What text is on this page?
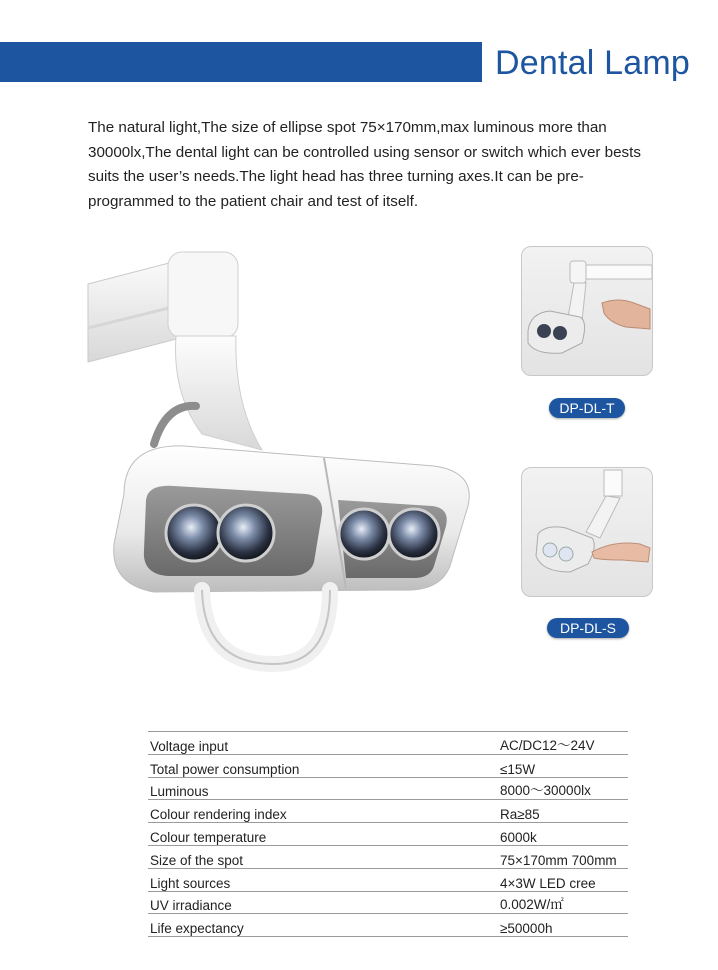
Dental Lamp
The natural light,The size of ellipse spot 75×170mm,max luminous more than
30000lx,The dental light can be controlled using sensor or switch which ever bests
suits the user’s needs.The light head has three turning axes.It can be pre-
programmed to the patient chair and test of itself.
DP-DL-T
DP-DL-S
Voltage input	AC/DC12～24V
Total power consumption	≤15W
Luminous	8000～30000lx
Colour rendering index	Ra≥85
Colour temperature	6000k
Size of the spot	75×170mm 700mm
Light sources	4×3W LED cree
UV irradiance	0.002W/㎡
Life expectancy	≥50000h
